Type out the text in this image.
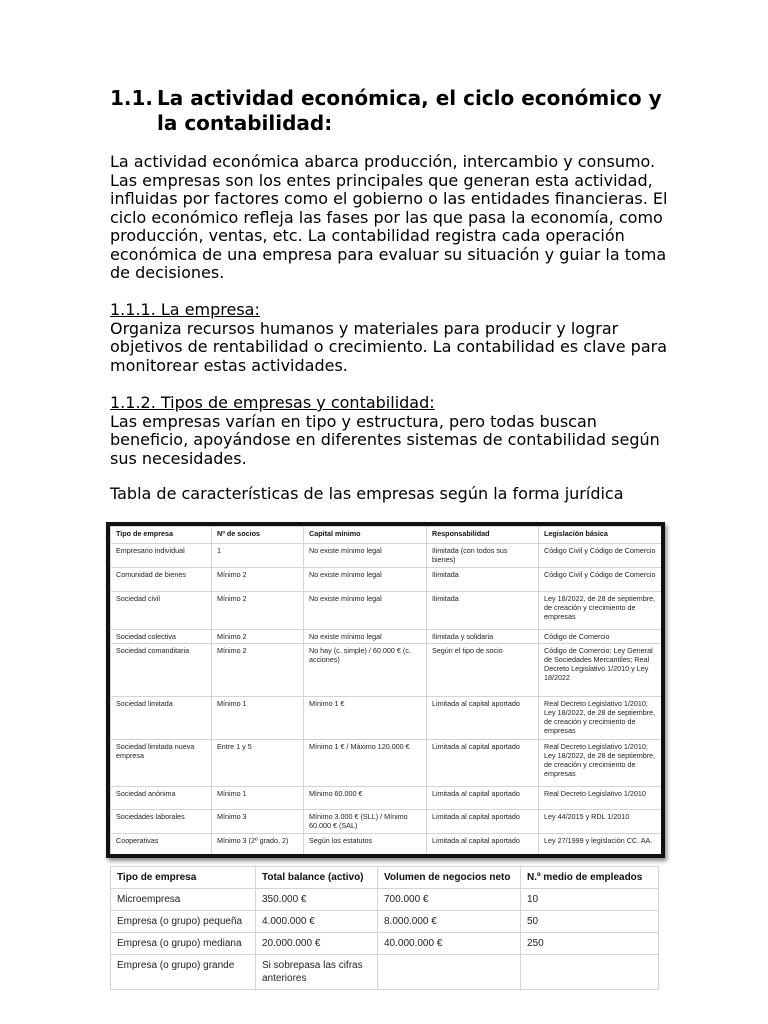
1.1. La actividad económica, el ciclo económico y la contabilidad:

La actividad económica abarca producción, intercambio y consumo. Las empresas son los entes principales que generan esta actividad, influidas por factores como el gobierno o las entidades financieras. El ciclo económico refleja las fases por las que pasa la economía, como producción, ventas, etc. La contabilidad registra cada operación económica de una empresa para evaluar su situación y guiar la toma de decisiones.

1.1.1. La empresa:
Organiza recursos humanos y materiales para producir y lograr objetivos de rentabilidad o crecimiento. La contabilidad es clave para monitorear estas actividades.
1.1.2. Tipos de empresas y contabilidad:
Las empresas varían en tipo y estructura, pero todas buscan beneficio, apoyándose en diferentes sistemas de contabilidad según sus necesidades.

Tabla de características de las empresas según la forma jurídica

Tipo de empresa	Nº de socios	Capital mínimo	Responsabilidad	Legislación básica
Empresario individual	1	No existe mínimo legal	Ilimitada (con todos sus bienes)	Código Civil y Código de Comercio
Comunidad de bienes	Mínimo 2	No existe mínimo legal	Ilimitada	Código Civil y Código de Comercio
Sociedad civil	Mínimo 2	No existe mínimo legal	Ilimitada	Ley 18/2022, de 28 de septiembre, de creación y crecimiento de empresas
Sociedad colectiva	Mínimo 2	No existe mínimo legal	Ilimitada y solidaria	Código de Comercio
Sociedad comanditaria	Mínimo 2	No hay (c. simple) / 60.000 € (c. acciones)	Según el tipo de socio	Código de Comercio; Ley General de Sociedades Mercantiles; Real Decreto Legislativo 1/2010 y Ley 18/2022
Sociedad limitada	Mínimo 1	Mínimo 1 €	Limitada al capital aportado	Real Decreto Legislativo 1/2010; Ley 18/2022, de 28 de septiembre, de creación y crecimiento de empresas
Sociedad limitada nueva empresa	Entre 1 y 5	Mínimo 1 € / Máximo 120.000 €	Limitada al capital aportado	Real Decreto Legislativo 1/2010; Ley 18/2022, de 28 de septiembre, de creación y crecimiento de empresas
Sociedad anónima	Mínimo 1	Mínimo 60.000 €	Limitada al capital aportado	Real Decreto Legislativo 1/2010
Sociedades laborales	Mínimo 3	Mínimo 3.000 € (SLL) / Mínimo 60.000 € (SAL)	Limitada al capital aportado	Ley 44/2015 y RDL 1/2010
Cooperativas	Mínimo 3 (2º grado, 2)	Según los estatutos	Limitada al capital aportado	Ley 27/1999 y legislación CC. AA.
Tipo de empresa	Total balance (activo)	Volumen de negocios neto	N.º medio de empleados
Microempresa	350.000 €	700.000 €	10
Empresa (o grupo) pequeña	4.000.000 €	8.000.000 €	50
Empresa (o grupo) mediana	20.000.000 €	40.000.000 €	250
Empresa (o grupo) grande	Si sobrepasa las cifras anteriores		
